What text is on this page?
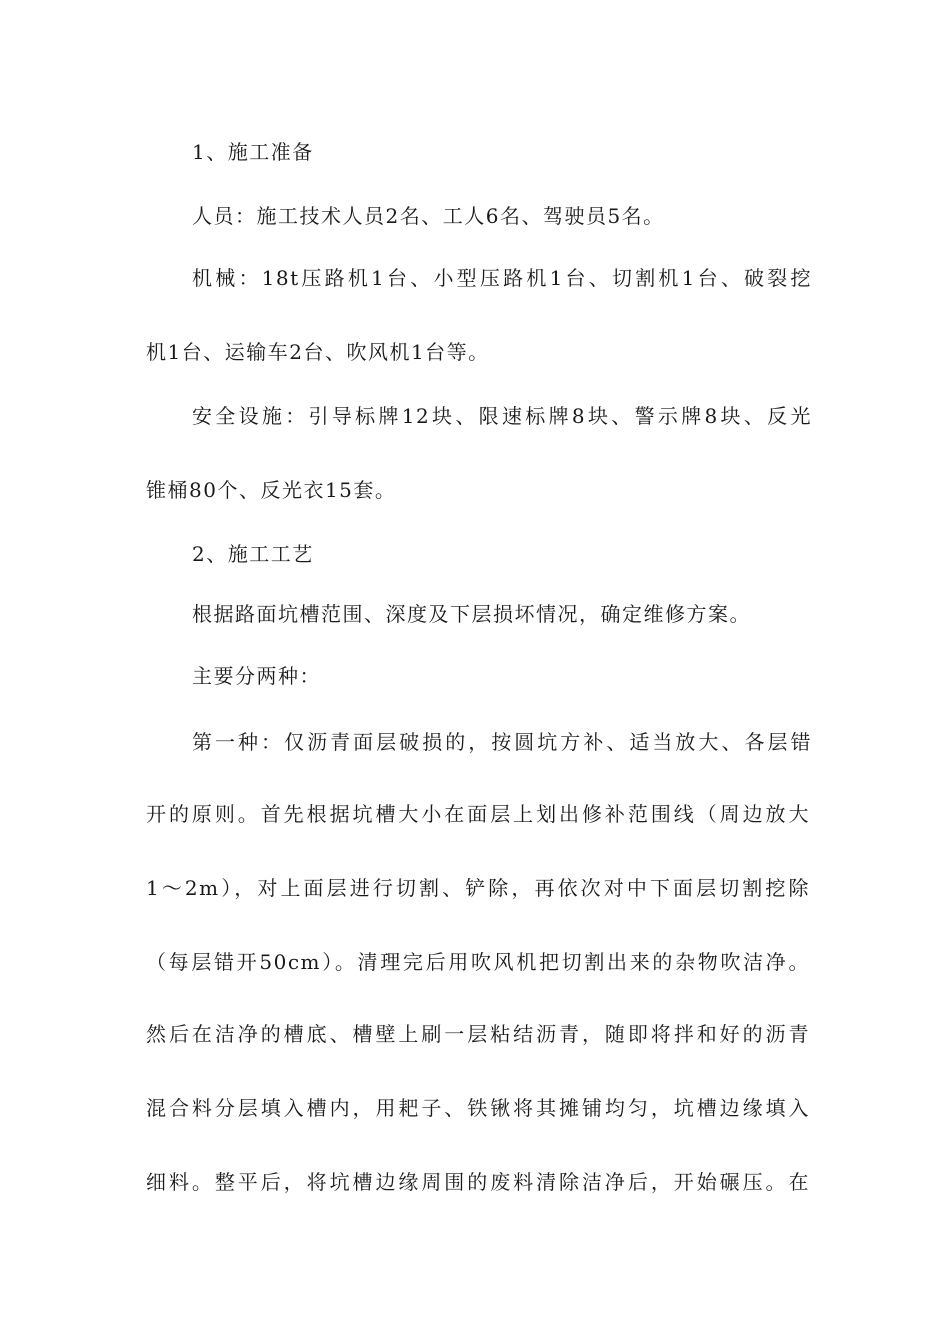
1、施工准备
人员：施工技术人员2名、工人6名、驾驶员5名。
机械：18t压路机1台、小型压路机1台、切割机1台、破裂挖
机1台、运输车2台、吹风机1台等。
安全设施：引导标牌12块、限速标牌8块、警示牌8块、反光
锥桶80个、反光衣15套。
2、施工工艺
根据路面坑槽范围、深度及下层损坏情况，确定维修方案。
主要分两种：
第一种：仅沥青面层破损的，按圆坑方补、适当放大、各层错
开的原则。首先根据坑槽大小在面层上划出修补范围线（周边放大
1～2m），对上面层进行切割、铲除，再依次对中下面层切割挖除
（每层错开50cm）。清理完后用吹风机把切割出来的杂物吹洁净。
然后在洁净的槽底、槽壁上刷一层粘结沥青，随即将拌和好的沥青
混合料分层填入槽内，用耙子、铁锹将其摊铺均匀，坑槽边缘填入
细料。整平后，将坑槽边缘周围的废料清除洁净后，开始碾压。在
